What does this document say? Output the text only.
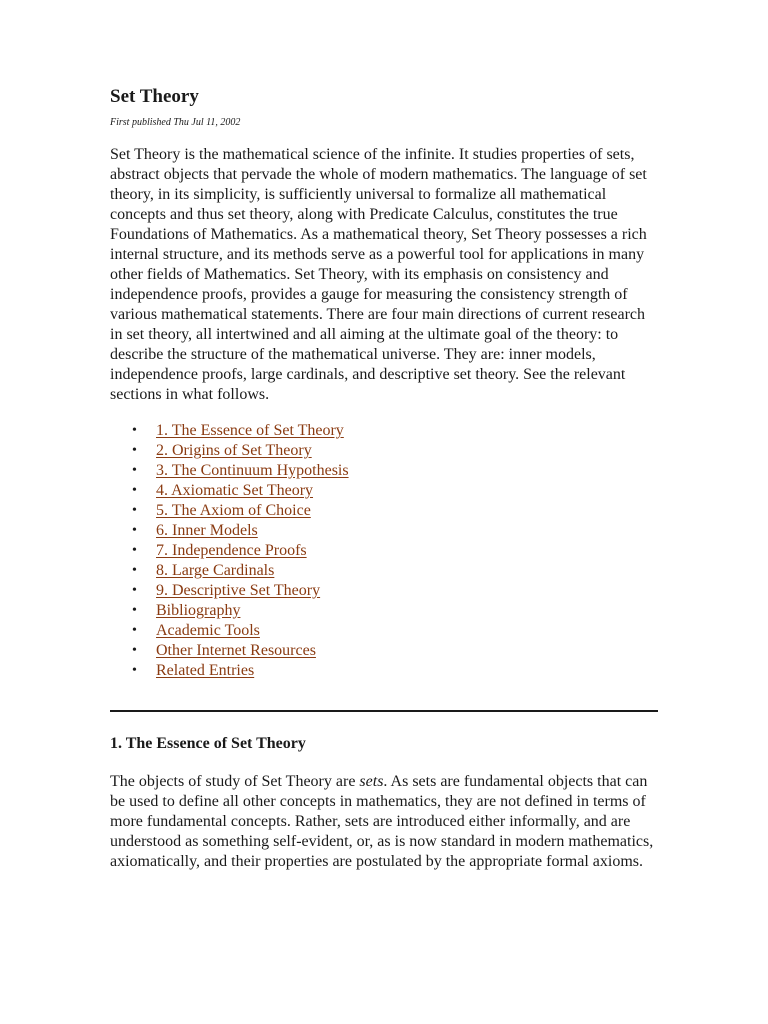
Set Theory

First published Thu Jul 11, 2002

Set Theory is the mathematical science of the infinite. It studies properties of sets, abstract objects that pervade the whole of modern mathematics. The language of set theory, in its simplicity, is sufficiently universal to formalize all mathematical concepts and thus set theory, along with Predicate Calculus, constitutes the true Foundations of Mathematics. As a mathematical theory, Set Theory possesses a rich internal structure, and its methods serve as a powerful tool for applications in many other fields of Mathematics. Set Theory, with its emphasis on consistency and independence proofs, provides a gauge for measuring the consistency strength of various mathematical statements. There are four main directions of current research in set theory, all intertwined and all aiming at the ultimate goal of the theory: to describe the structure of the mathematical universe. They are: inner models, independence proofs, large cardinals, and descriptive set theory. See the relevant sections in what follows.

• 1. The Essence of Set Theory
• 2. Origins of Set Theory
• 3. The Continuum Hypothesis
• 4. Axiomatic Set Theory
• 5. The Axiom of Choice
• 6. Inner Models
• 7. Independence Proofs
• 8. Large Cardinals
• 9. Descriptive Set Theory
• Bibliography
• Academic Tools
• Other Internet Resources
• Related Entries
1. The Essence of Set Theory

The objects of study of Set Theory are sets. As sets are fundamental objects that can be used to define all other concepts in mathematics, they are not defined in terms of more fundamental concepts. Rather, sets are introduced either informally, and are understood as something self-evident, or, as is now standard in modern mathematics, axiomatically, and their properties are postulated by the appropriate formal axioms.
